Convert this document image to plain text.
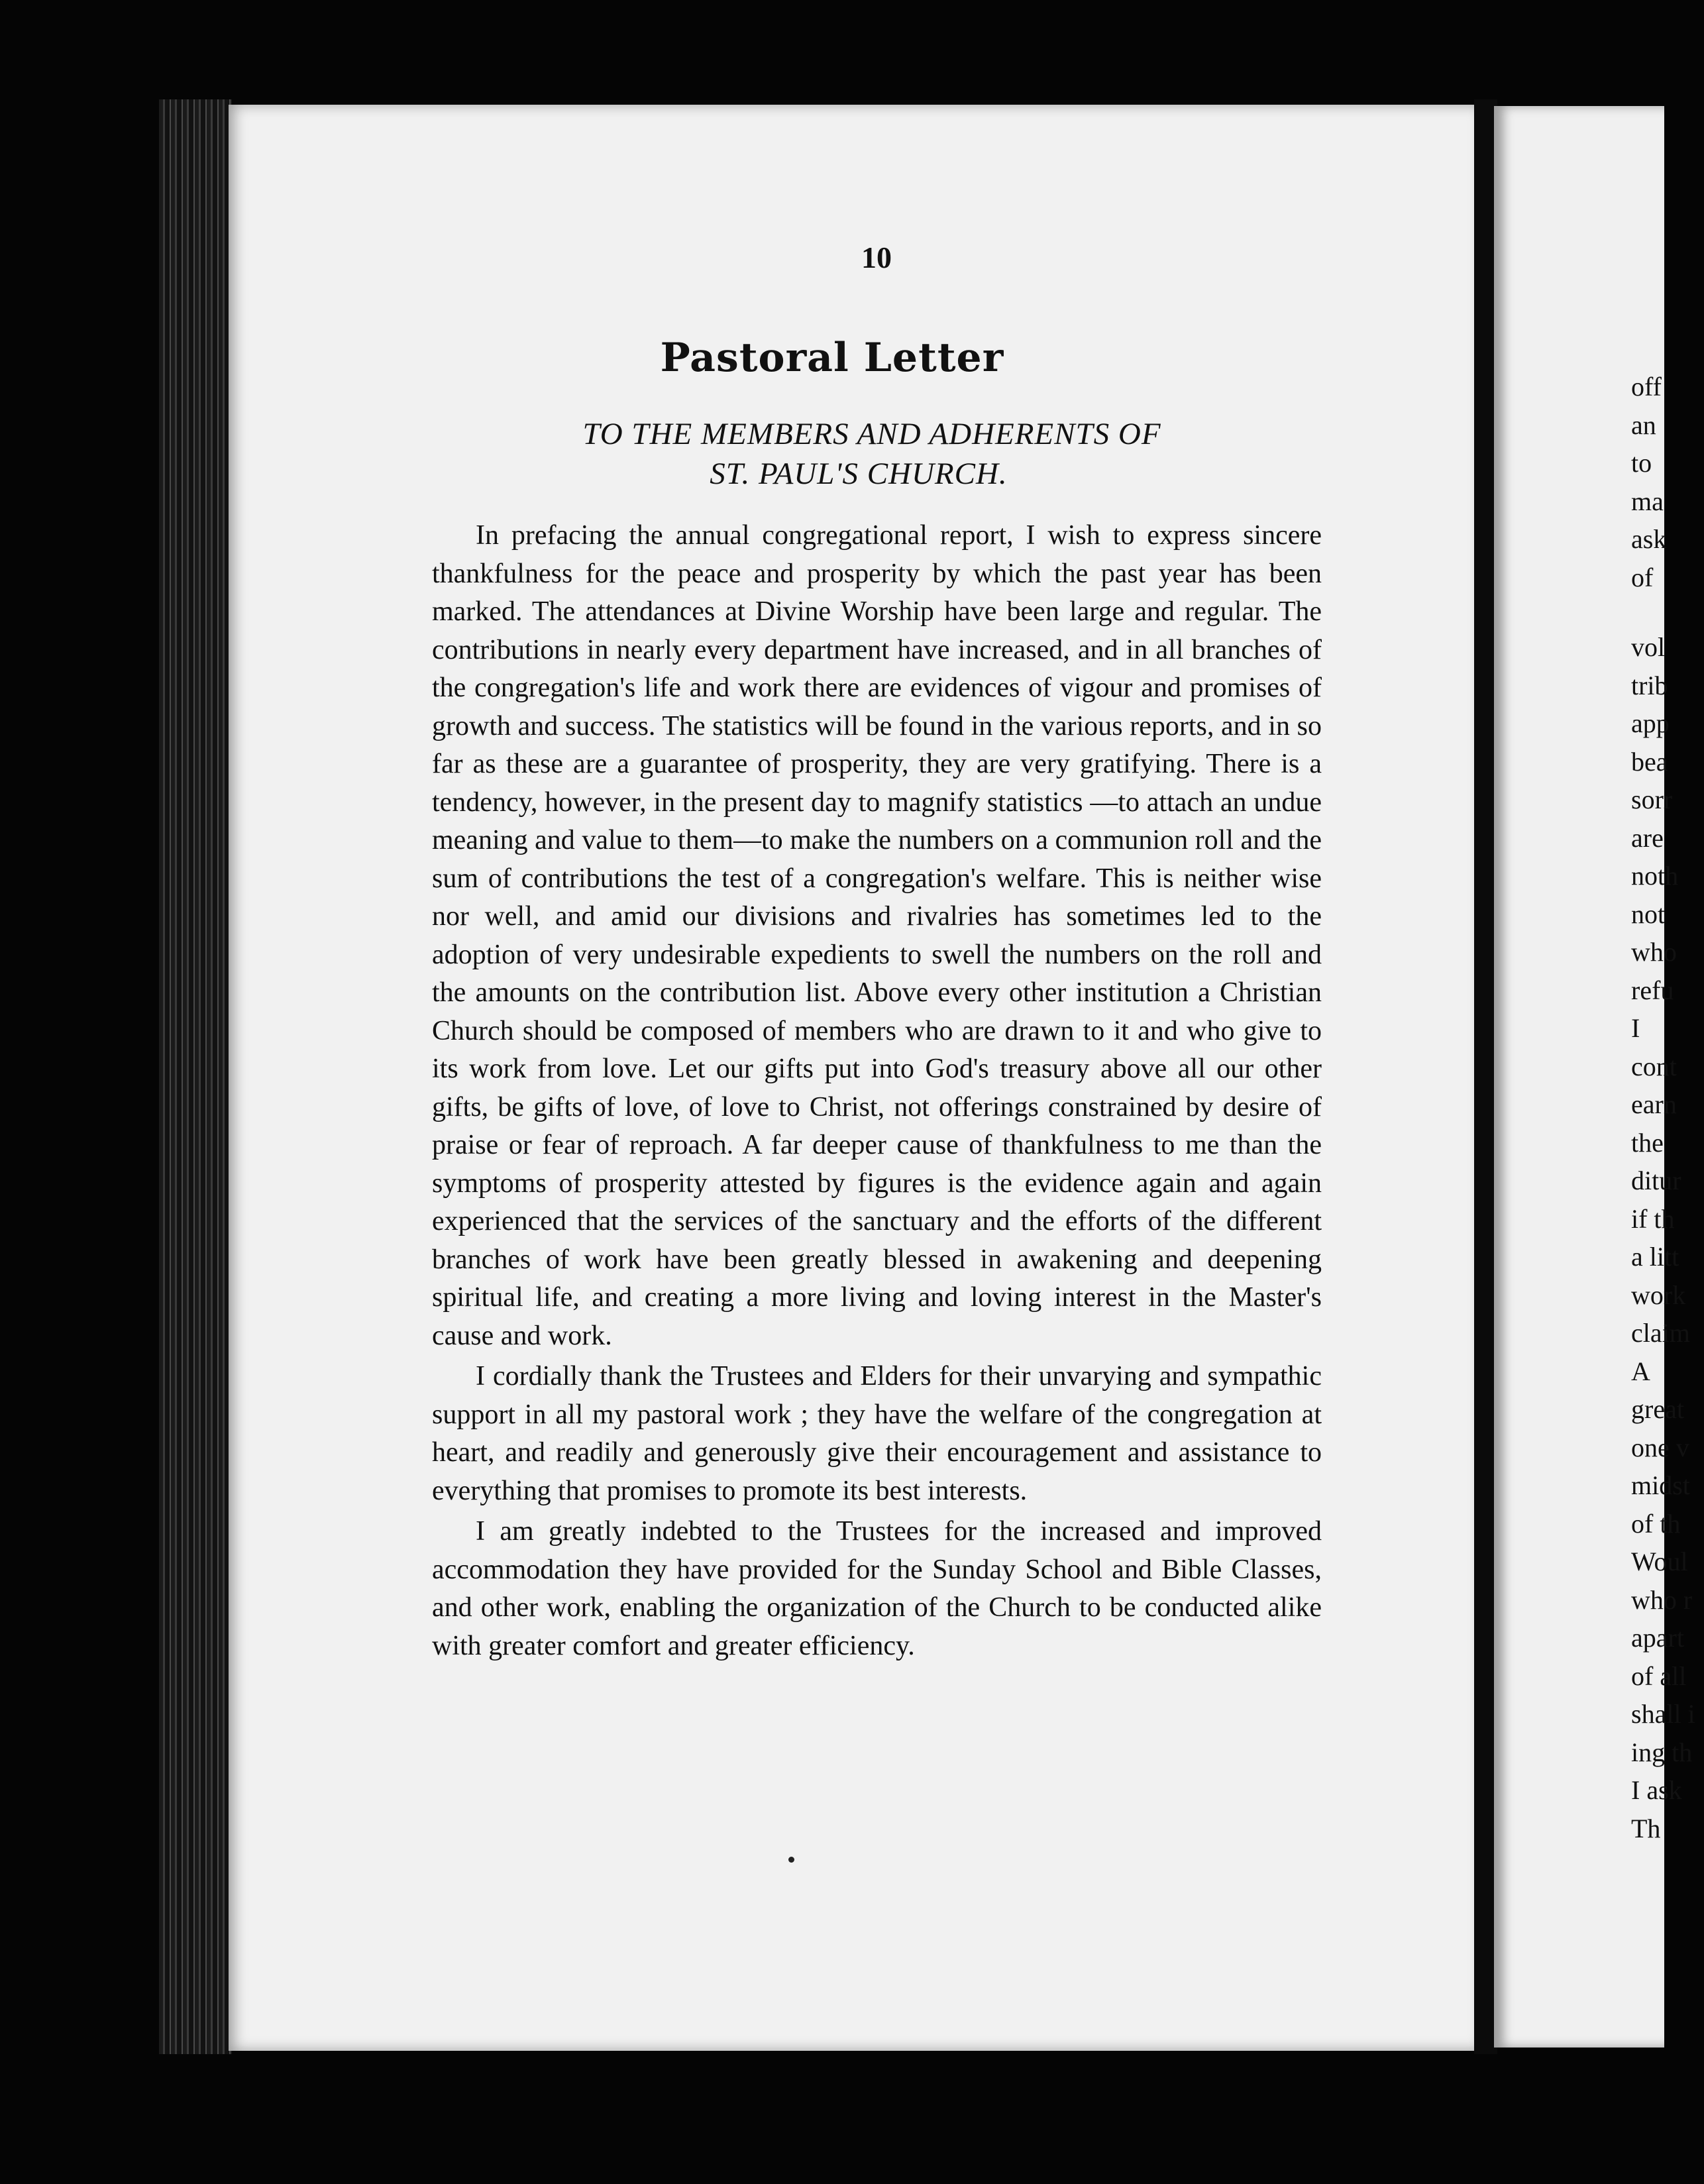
10
Pastoral Letter
TO THE MEMBERS AND ADHERENTS OF
ST. PAUL'S CHURCH.

In prefacing the annual congregational report, I wish to express sincere thankfulness for the peace and prosperity by which the past year has been marked. The attendances at Divine Worship have been large and regular. The contributions in nearly every department have increased, and in all branches of the congregation's life and work there are evidences of vigour and promises of growth and success. The statistics will be found in the various reports, and in so far as these are a guarantee of prosperity, they are very gratifying. There is a tendency, however, in the present day to magnify statistics —to attach an undue meaning and value to them—to make the numbers on a communion roll and the sum of contributions the test of a congregation's welfare. This is neither wise nor well, and amid our divisions and rivalries has sometimes led to the adoption of very undesirable expedients to swell the numbers on the roll and the amounts on the contribution list. Above every other institution a Christian Church should be composed of members who are drawn to it and who give to its work from love. Let our gifts put into God's treasury above all our other gifts, be gifts of love, of love to Christ, not offerings constrained by desire of praise or fear of reproach. A far deeper cause of thankfulness to me than the symptoms of prosperity attested by figures is the evidence again and again experienced that the services of the sanctuary and the efforts of the different branches of work have been greatly blessed in awakening and deepening spiritual life, and creating a more living and loving interest in the Master's cause and work.

I cordially thank the Trustees and Elders for their unvarying and sympathic support in all my pastoral work ; they have the welfare of the congregation at heart, and readily and generously give their encouragement and assistance to everything that promises to promote its best interests.

I am greatly indebted to the Trustees for the increased and improved accommodation they have provided for the Sunday School and Bible Classes, and other work, enabling the organization of the Church to be conducted alike with greater comfort and greater efficiency.

off
an
to
ma
ask
of
vol
trib
app
bea
sorr
are
noth
not
who
refu
I
cont
earn
the
ditur
if th
a litt
work
claim
A
great
one v
midst
of th
Woul
who r
apart
of all
shall i
ing th
I ask
Th
